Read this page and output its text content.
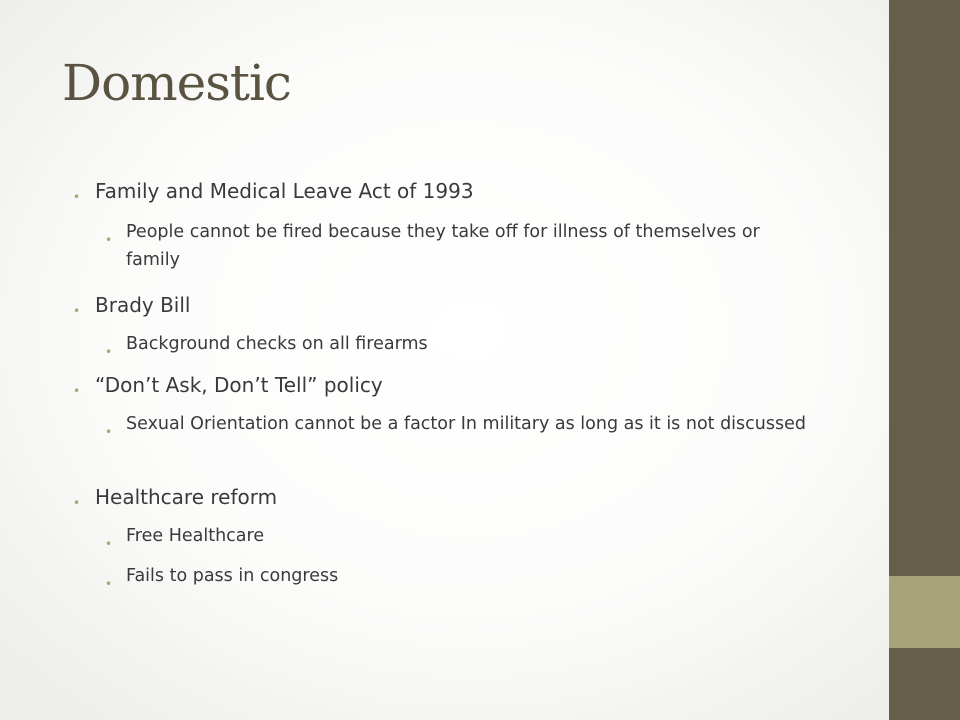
Domestic
• Family and Medical Leave Act of 1993
• People cannot be fired because they take off for illness of themselves or family
• Brady Bill
• Background checks on all firearms
• “Don’t Ask, Don’t Tell” policy
• Sexual Orientation cannot be a factor In military as long as it is not discussed
• Healthcare reform
• Free Healthcare
• Fails to pass in congress
